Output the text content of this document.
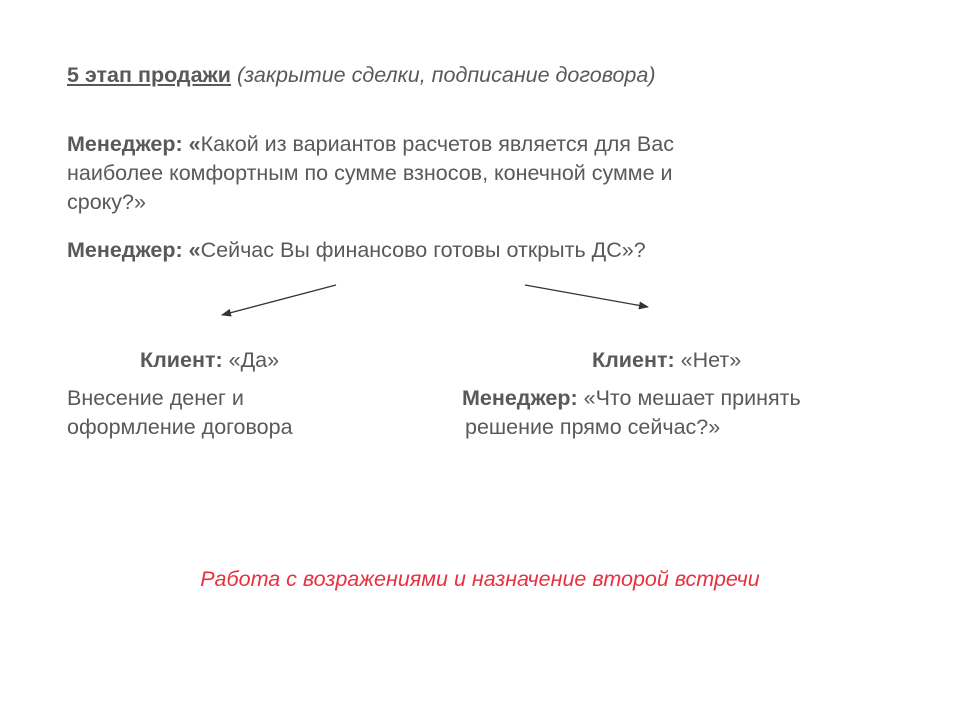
5 этап продажи (закрытие сделки, подписание договора)
Менеджер: «Какой из вариантов расчетов является для Вас
наиболее комфортным по сумме взносов, конечной сумме и
сроку?»
Менеджер: «Сейчас Вы финансово готовы открыть ДС»?
Клиент: «Да»
Внесение денег и
оформление договора
Клиент: «Нет»
Менеджер: «Что мешает принять
решение прямо сейчас?»
Работа с возражениями и назначение второй встречи
